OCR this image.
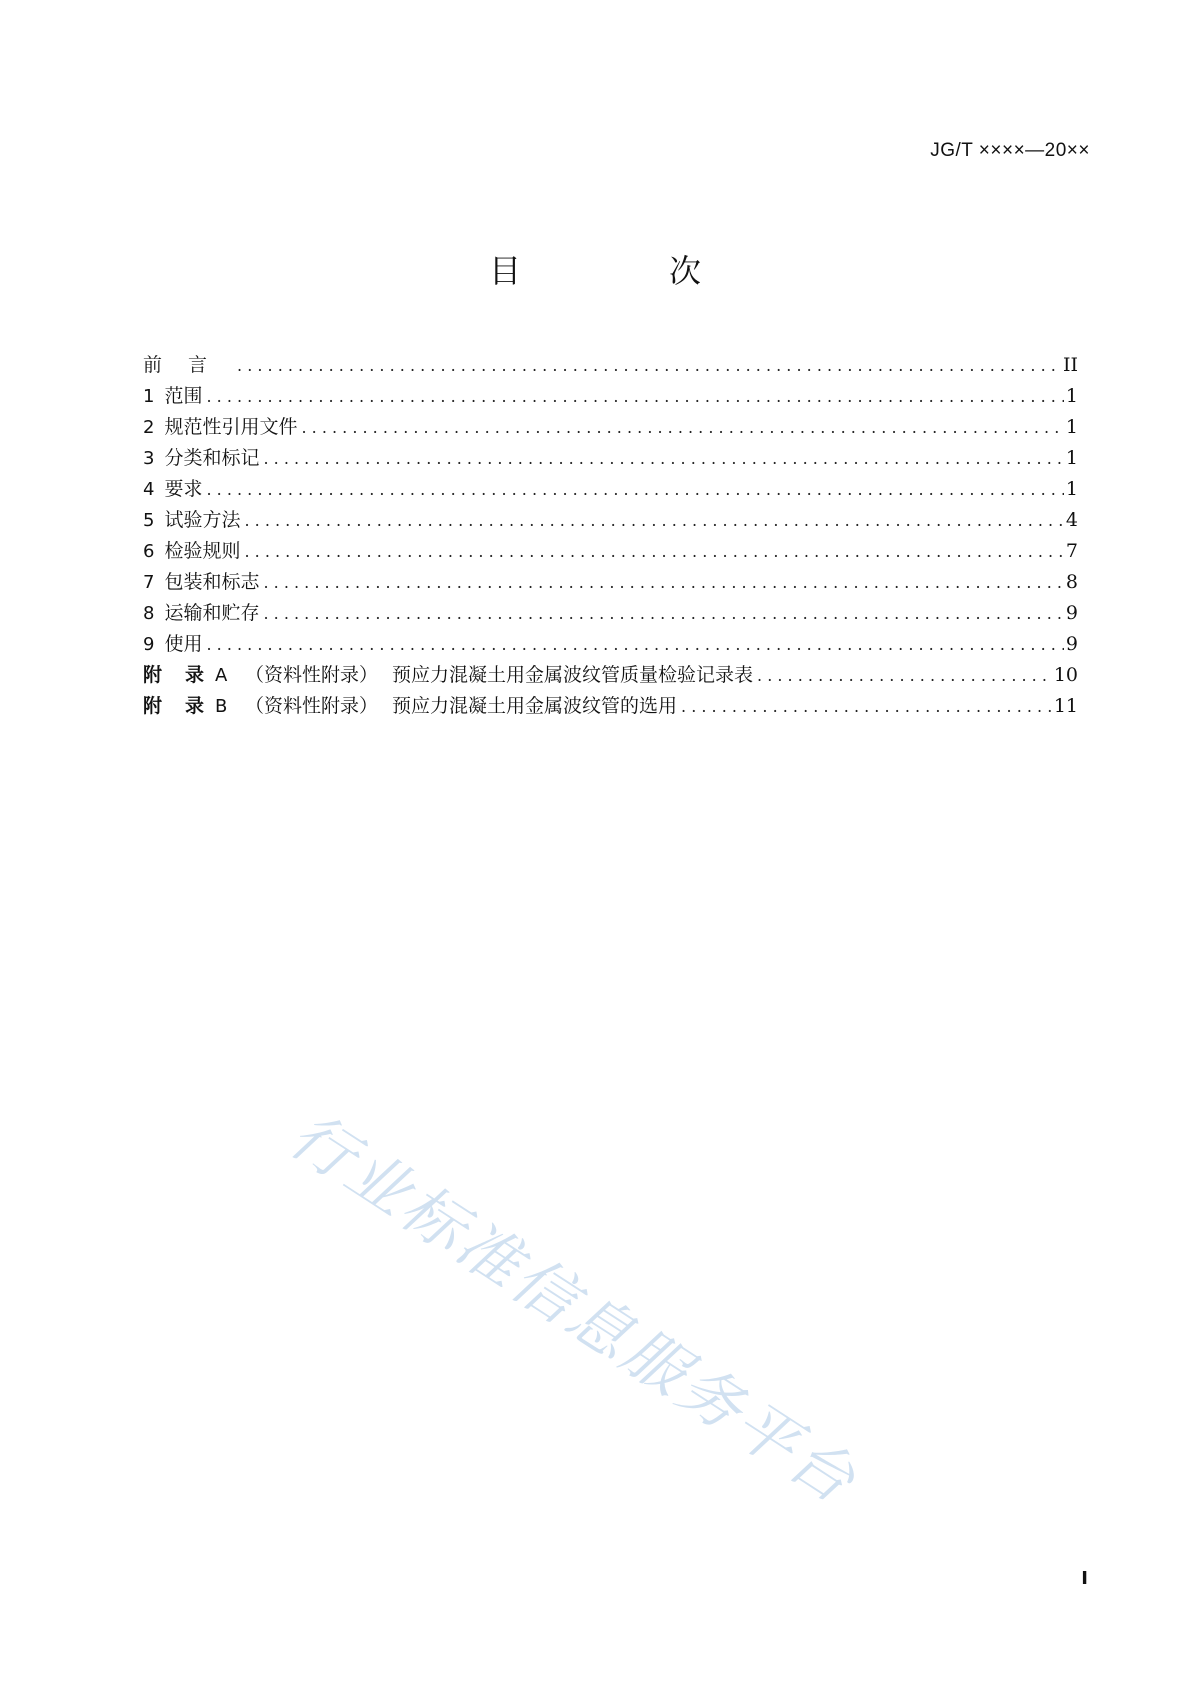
JG/T ××××—20××
目　次
前言 . . .	II
1 范围 . . .	1
2 规范性引用文件 . . .	1
3 分类和标记 . . .	1
4 要求 . . .	1
5 试验方法 . . .	4
6 检验规则 . . .	7
7 包装和标志 . . .	8
8 运输和贮存 . . .	9
9 使用 . . .	9
附 录 A （资料性附录） 预应力混凝土用金属波纹管质量检验记录表 . . .	10
附 录 B （资料性附录） 预应力混凝土用金属波纹管的选用 . . .	11
行业标准信息服务平台
I
